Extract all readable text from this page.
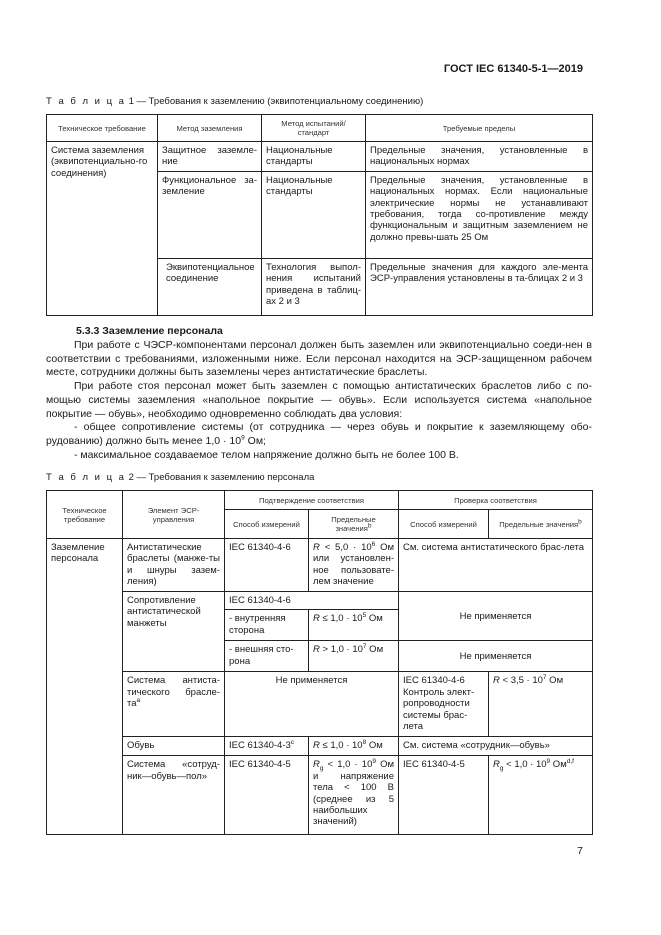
ГОСТ IEC 61340-5-1—2019
Т а б л и ц а 1 — Требования к заземлению (эквипотенциальному соединению)
Техническое требование	Метод заземления	Метод испытаний/стандарт	Требуемые пределы
Система заземления (эквипотенциально-го соединения)	Защитное заземле-ние	Национальные стандарты	Предельные значения, установленные в национальных нормах
	Функциональное за-земление	Национальные стандарты	Предельные значения, установленные в национальных нормах. Если национальные электрические нормы не устанавливают требования, тогда со-противление между функциональным и защитным заземлением не должно превы-шать 25 Ом
	Эквипотенциальное соединение	Технология выпол-нения испытаний приведена в таблиц-ах 2 и 3	Предельные значения для каждого эле-мента ЭСР-управления установлены в та-блицах 2 и 3
5.3.3 Заземление персонала

При работе с ЧЭСР-компонентами персонал должен быть заземлен или эквипотенциально соеди-нен в соответствии с требованиями, изложенными ниже. Если персонал находится на ЭСР-защищенном рабочем месте, сотрудники должны быть заземлены через антистатические браслеты.

При работе стоя персонал может быть заземлен с помощью антистатических браслетов либо с по-мощью системы заземления «напольное покрытие — обувь». Если используется система «напольное покрытие — обувь», необходимо одновременно соблюдать два условия:

- общее сопротивление системы (от сотрудника — через обувь и покрытие к заземляющему обо-рудованию) должно быть менее $1,0 \cdot 10^9$ Ом;

- максимальное создаваемое телом напряжение должно быть не более 100 В.

Т а б л и ц а 2 — Требования к заземлению персонала
Техническое требование	Элемент ЭСР-управления	Подтверждение соответствия		Проверка соответствия	
		Способ измерений	Предельные значения$^b$	Способ измерений	Предельные значения$^b$
Заземление персонала	Антистатические браслеты (манже-ты и шнуры зазем-ления)	IEC 61340-4-6	$R < 5,0 \cdot 10^6$ Ом или установлен-ное пользовате-лем значение	См. система антистатического брас-лета	
	Сопротивление антистатической манжеты	IEC 61340-4-6		Не применяется	
		- внутренняя сторона	$R \le 1,0 \cdot 10^5$ Ом		
		- внешняя сто-рона	$R > 1,0 \cdot 10^7$ Ом	Не применяется	
	Система антиста-тического брасле-$та^a$	Не применяется		IEC 61340-4-6 Контроль элект-ропроводности системы брас-лета	$R < 3,5 \cdot 10^7$ Ом
	Обувь	IEC 61340-4-3$^c$	$R \le 1,0 \cdot 10^8$ Ом	См. система «сотрудник—обувь»	
	Система «сотруд-ник—обувь—пол»	IEC 61340-4-5	$R_g < 1,0 \cdot 10^9$ Ом и напряжение тела < 100 В (среднее из 5 наибольших значений)	IEC 61340-4-5	$R_g < 1,0 \cdot 10^9$ Ом$^{d,f}$
7
